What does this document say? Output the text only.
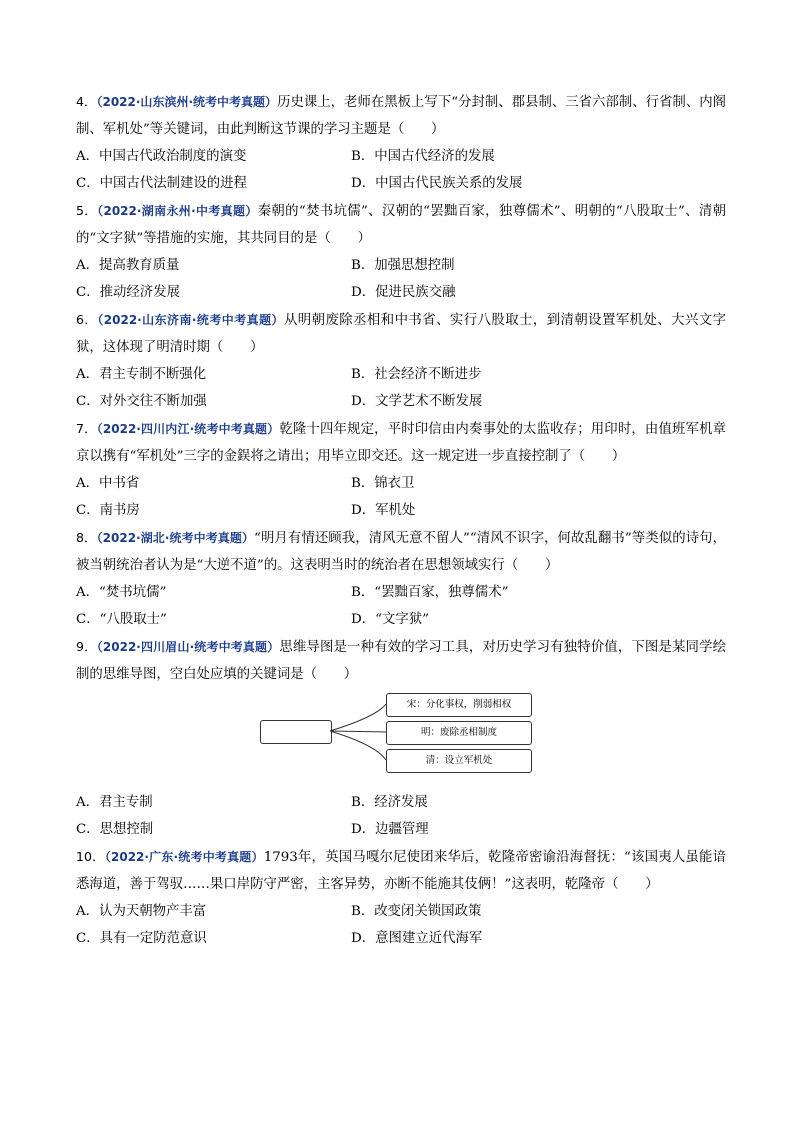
4．（2022·山东滨州·统考中考真题）历史课上，老师在黑板上写下“分封制、郡县制、三省六部制、行省制、内阁制、军机处”等关键词，由此判断这节课的学习主题是（　　）
A．中国古代政治制度的演变	B．中国古代经济的发展
C．中国古代法制建设的进程	D．中国古代民族关系的发展
5．（2022·湖南永州·中考真题）秦朝的“焚书坑儒”、汉朝的“罢黜百家，独尊儒术”、明朝的“八股取士”、清朝的“文字狱”等措施的实施，其共同目的是（　　）
A．提高教育质量	B．加强思想控制
C．推动经济发展	D．促进民族交融
6．（2022·山东济南·统考中考真题）从明朝废除丞相和中书省、实行八股取士，到清朝设置军机处、大兴文字狱，这体现了明清时期（　　）
A．君主专制不断强化	B．社会经济不断进步
C．对外交往不断加强	D．文学艺术不断发展
7．（2022·四川内江·统考中考真题）乾隆十四年规定，平时印信由内奏事处的太监收存；用印时，由值班军机章京以携有“军机处”三字的金鋘将之请出；用毕立即交还。这一规定进一步直接控制了（　　）
A．中书省	B．锦衣卫
C．南书房	D．军机处
8．（2022·湖北·统考中考真题）“明月有情还顾我，清风无意不留人”“清风不识字，何故乱翻书”等类似的诗句，被当朝统治者认为是“大逆不道”的。这表明当时的统治者在思想领域实行（　　）
A．“焚书坑儒”	B．“罢黜百家，独尊儒术”
C．“八股取士”	D．“文字狱”
9．（2022·四川眉山·统考中考真题）思维导图是一种有效的学习工具，对历史学习有独特价值，下图是某同学绘制的思维导图，空白处应填的关键词是（　　）
宋：分化事权，削弱相权
明：废除丞相制度
清：设立军机处
A．君主专制	B．经济发展
C．思想控制	D．边疆管理
10．（2022·广东·统考中考真题）1793年，英国马嘎尔尼使团来华后，乾隆帝密谕沿海督抚：“该国夷人虽能谙悉海道，善于驾驭……果口岸防守严密，主客异势，亦断不能施其伎俩！”这表明，乾隆帝（　　）
A．认为天朝物产丰富	B．改变闭关锁国政策
C．具有一定防范意识	D．意图建立近代海军
